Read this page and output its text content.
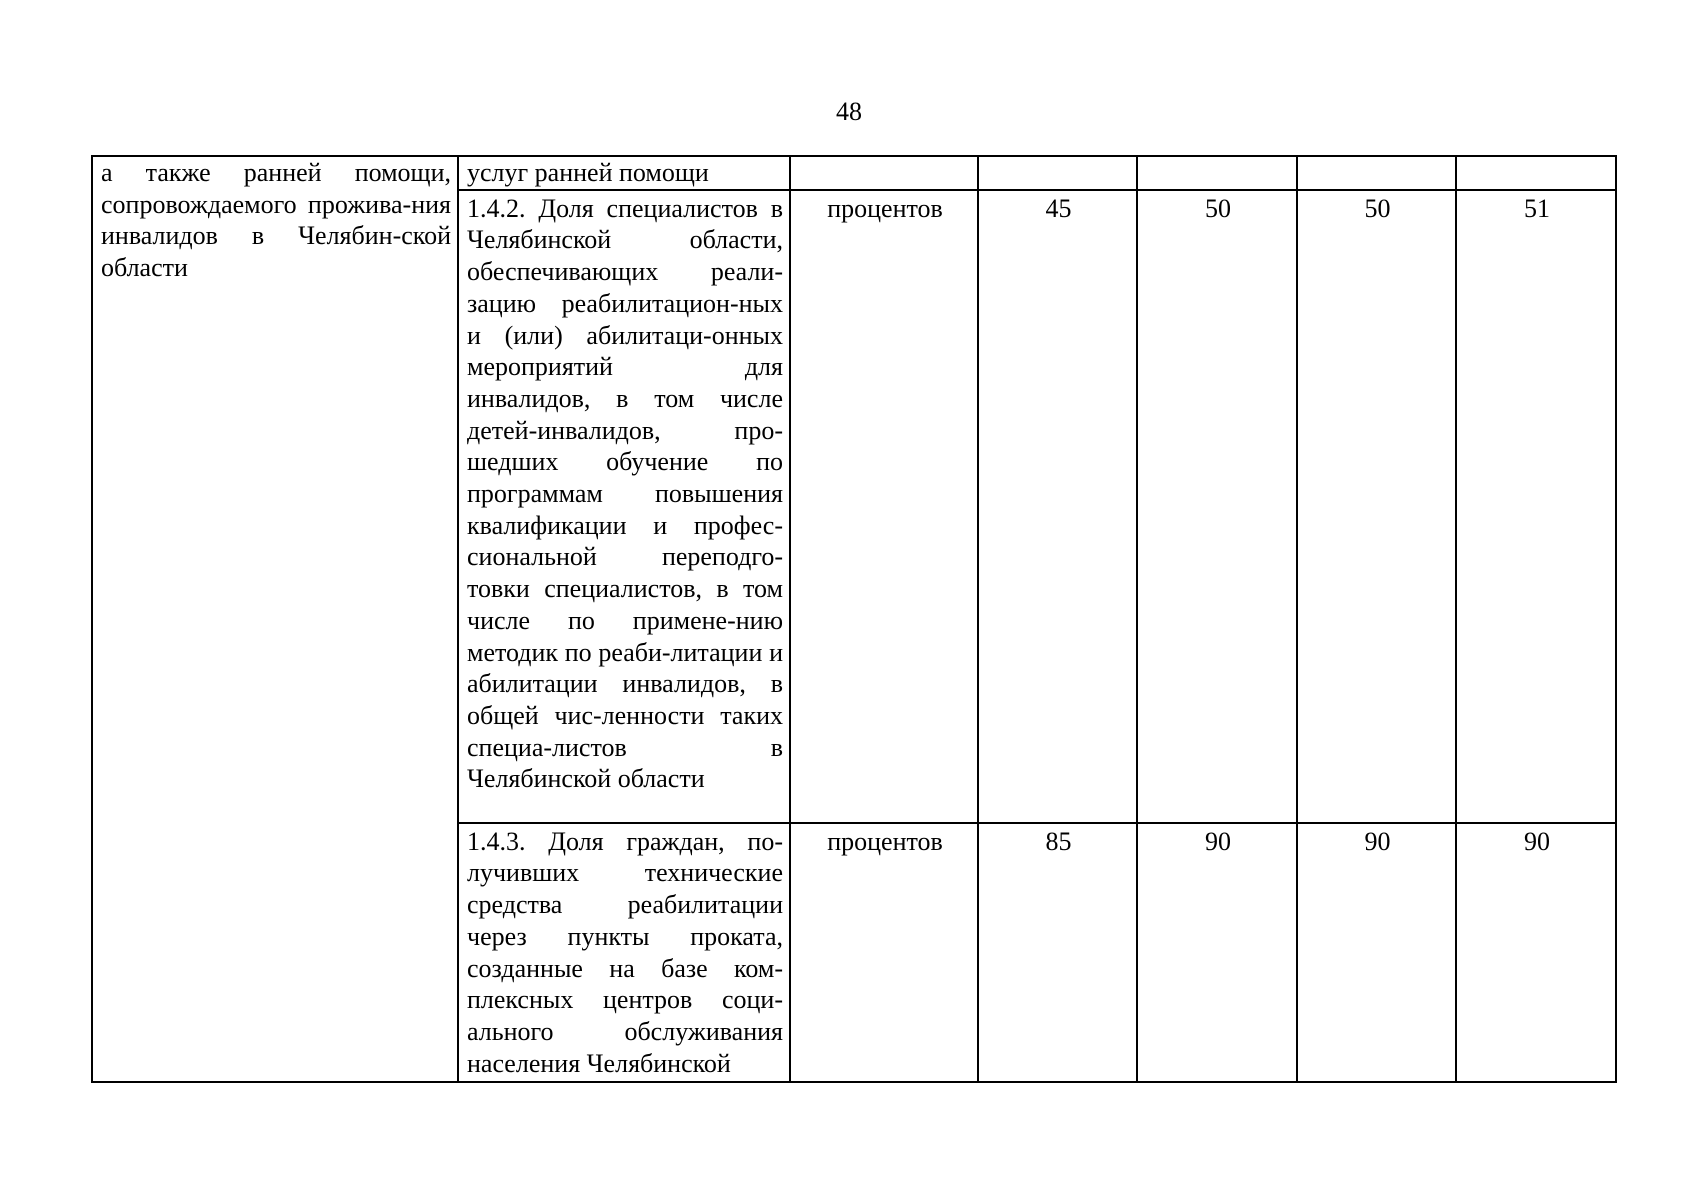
48
а также ранней помощи, сопровождаемого прожива-ния инвалидов в Челябин-ской области	услуг ранней помощи					
	1.4.2. Доля специалистов в Челябинской области, обеспечивающих реали-зацию реабилитацион-ных и (или) абилитаци-онных мероприятий для инвалидов, в том числе детей-инвалидов, про-шедших обучение по программам повышения квалификации и профес-сиональной переподго-товки специалистов, в том числе по примене-нию методик по реаби-литации и абилитации инвалидов, в общей чис-ленности таких специа-листов в Челябинской области	процентов	45	50	50	51
	1.4.3. Доля граждан, по-лучивших технические средства реабилитации через пункты проката, созданные на базе ком-плексных центров соци-ального обслуживания населения Челябинской	процентов	85	90	90	90
